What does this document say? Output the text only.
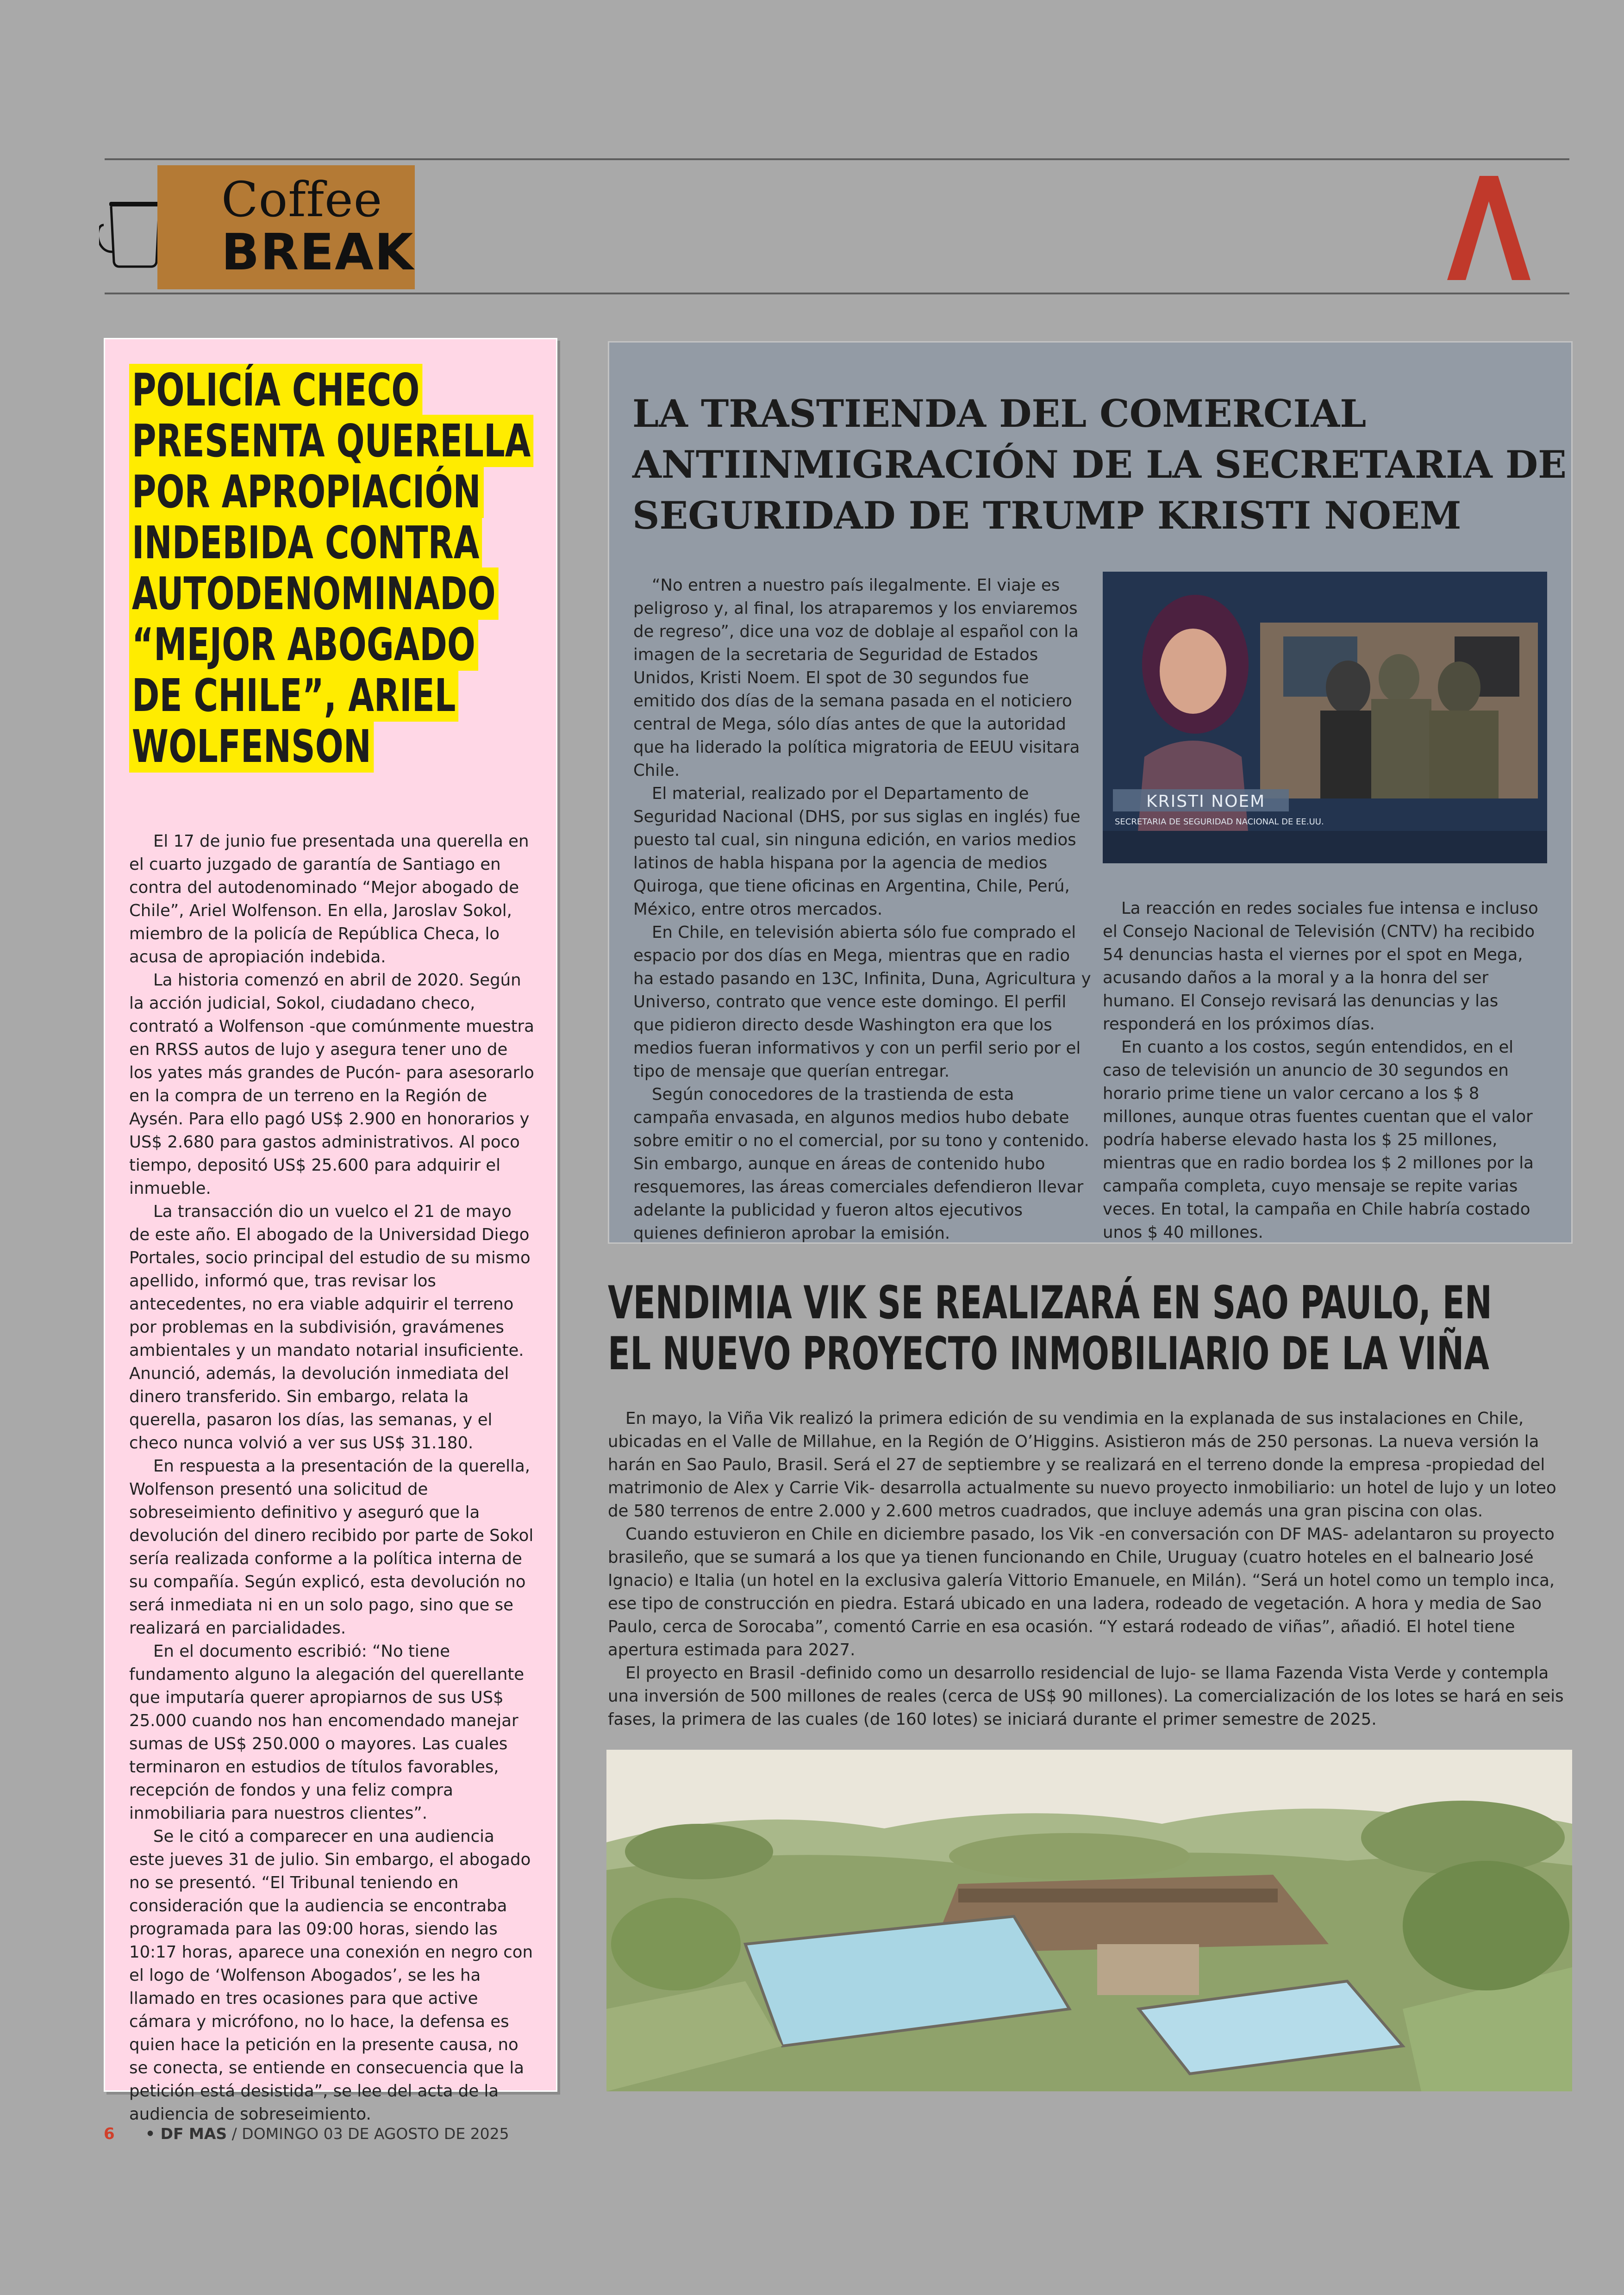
Coffee
BREAK
POLICÍA CHECO PRESENTA QUERELLA POR APROPIACIÓN INDEBIDA CONTRA AUTODENOMINADO “MEJOR ABOGADO DE CHILE”, ARIEL WOLFENSON

El 17 de junio fue presentada una querella en el cuarto juzgado de garantía de Santiago en contra del autodenominado “Mejor abogado de Chile”, Ariel Wolfenson. En ella, Jaroslav Sokol, miembro de la policía de República Checa, lo acusa de apropiación indebida.

La historia comenzó en abril de 2020. Según la acción judicial, Sokol, ciudadano checo, contrató a Wolfenson -que comúnmente muestra en RRSS autos de lujo y asegura tener uno de los yates más grandes de Pucón- para asesorarlo en la compra de un terreno en la Región de Aysén. Para ello pagó US$ 2.900 en honorarios y US$ 2.680 para gastos administrativos. Al poco tiempo, depositó US$ 25.600 para adquirir el inmueble.

La transacción dio un vuelco el 21 de mayo de este año. El abogado de la Universidad Diego Portales, socio principal del estudio de su mismo apellido, informó que, tras revisar los antecedentes, no era viable adquirir el terreno por problemas en la subdivisión, gravámenes ambientales y un mandato notarial insuficiente. Anunció, además, la devolución inmediata del dinero transferido. Sin embargo, relata la querella, pasaron los días, las semanas, y el checo nunca volvió a ver sus US$ 31.180.

En respuesta a la presentación de la querella, Wolfenson presentó una solicitud de sobreseimiento definitivo y aseguró que la devolución del dinero recibido por parte de Sokol sería realizada conforme a la política interna de su compañía. Según explicó, esta devolución no será inmediata ni en un solo pago, sino que se realizará en parcialidades.

En el documento escribió: “No tiene fundamento alguno la alegación del querellante que imputaría querer apropiarnos de sus US$ 25.000 cuando nos han encomendado manejar sumas de US$ 250.000 o mayores. Las cuales terminaron en estudios de títulos favorables, recepción de fondos y una feliz compra inmobiliaria para nuestros clientes”.

Se le citó a comparecer en una audiencia este jueves 31 de julio. Sin embargo, el abogado no se presentó. “El Tribunal teniendo en consideración que la audiencia se encontraba programada para las 09:00 horas, siendo las 10:17 horas, aparece una conexión en negro con el logo de ‘Wolfenson Abogados’, se les ha llamado en tres ocasiones para que active cámara y micrófono, no lo hace, la defensa es quien hace la petición en la presente causa, no se conecta, se entiende en consecuencia que la petición está desistida”, se lee del acta de la audiencia de sobreseimiento.

LA TRASTIENDA DEL COMERCIAL ANTIINMIGRACIÓN DE LA SECRETARIA DE SEGURIDAD DE TRUMP KRISTI NOEM

“No entren a nuestro país ilegalmente. El viaje es peligroso y, al final, los atraparemos y los enviaremos de regreso”, dice una voz de doblaje al español con la imagen de la secretaria de Seguridad de Estados Unidos, Kristi Noem. El spot de 30 segundos fue emitido dos días de la semana pasada en el noticiero central de Mega, sólo días antes de que la autoridad que ha liderado la política migratoria de EEUU visitara Chile.

El material, realizado por el Departamento de Seguridad Nacional (DHS, por sus siglas en inglés) fue puesto tal cual, sin ninguna edición, en varios medios latinos de habla hispana por la agencia de medios Quiroga, que tiene oficinas en Argentina, Chile, Perú, México, entre otros mercados.

En Chile, en televisión abierta sólo fue comprado el espacio por dos días en Mega, mientras que en radio ha estado pasando en 13C, Infinita, Duna, Agricultura y Universo, contrato que vence este domingo. El perfil que pidieron directo desde Washington era que los medios fueran informativos y con un perfil serio por el tipo de mensaje que querían entregar.

Según conocedores de la trastienda de esta campaña envasada, en algunos medios hubo debate sobre emitir o no el comercial, por su tono y contenido. Sin embargo, aunque en áreas de contenido hubo resquemores, las áreas comerciales defendieron llevar adelante la publicidad y fueron altos ejecutivos quienes definieron aprobar la emisión.

KRISTI NOEM
SECRETARIA DE SEGURIDAD NACIONAL DE EE.UU.

La reacción en redes sociales fue intensa e incluso el Consejo Nacional de Televisión (CNTV) ha recibido 54 denuncias hasta el viernes por el spot en Mega, acusando daños a la moral y a la honra del ser humano. El Consejo revisará las denuncias y las responderá en los próximos días.

En cuanto a los costos, según entendidos, en el caso de televisión un anuncio de 30 segundos en horario prime tiene un valor cercano a los $ 8 millones, aunque otras fuentes cuentan que el valor podría haberse elevado hasta los $ 25 millones, mientras que en radio bordea los $ 2 millones por la campaña completa, cuyo mensaje se repite varias veces. En total, la campaña en Chile habría costado unos $ 40 millones.

VENDIMIA VIK SE REALIZARÁ EN SAO PAULO, EN
EL NUEVO PROYECTO INMOBILIARIO DE LA VIÑA

En mayo, la Viña Vik realizó la primera edición de su vendimia en la explanada de sus instalaciones en Chile, ubicadas en el Valle de Millahue, en la Región de O’Higgins. Asistieron más de 250 personas. La nueva versión la harán en Sao Paulo, Brasil. Será el 27 de septiembre y se realizará en el terreno donde la empresa -propiedad del matrimonio de Alex y Carrie Vik- desarrolla actualmente su nuevo proyecto inmobiliario: un hotel de lujo y un loteo de 580 terrenos de entre 2.000 y 2.600 metros cuadrados, que incluye además una gran piscina con olas.

Cuando estuvieron en Chile en diciembre pasado, los Vik -en conversación con DF MAS- adelantaron su proyecto brasileño, que se sumará a los que ya tienen funcionando en Chile, Uruguay (cuatro hoteles en el balneario José Ignacio) e Italia (un hotel en la exclusiva galería Vittorio Emanuele, en Milán). “Será un hotel como un templo inca, ese tipo de construcción en piedra. Estará ubicado en una ladera, rodeado de vegetación. A hora y media de Sao Paulo, cerca de Sorocaba”, comentó Carrie en esa ocasión. “Y estará rodeado de viñas”, añadió. El hotel tiene apertura estimada para 2027.

El proyecto en Brasil -definido como un desarrollo residencial de lujo- se llama Fazenda Vista Verde y contempla una inversión de 500 millones de reales (cerca de US$ 90 millones). La comercialización de los lotes se hará en seis fases, la primera de las cuales (de 160 lotes) se iniciará durante el primer semestre de 2025.

6 • DF MAS / DOMINGO 03 DE AGOSTO DE 2025
